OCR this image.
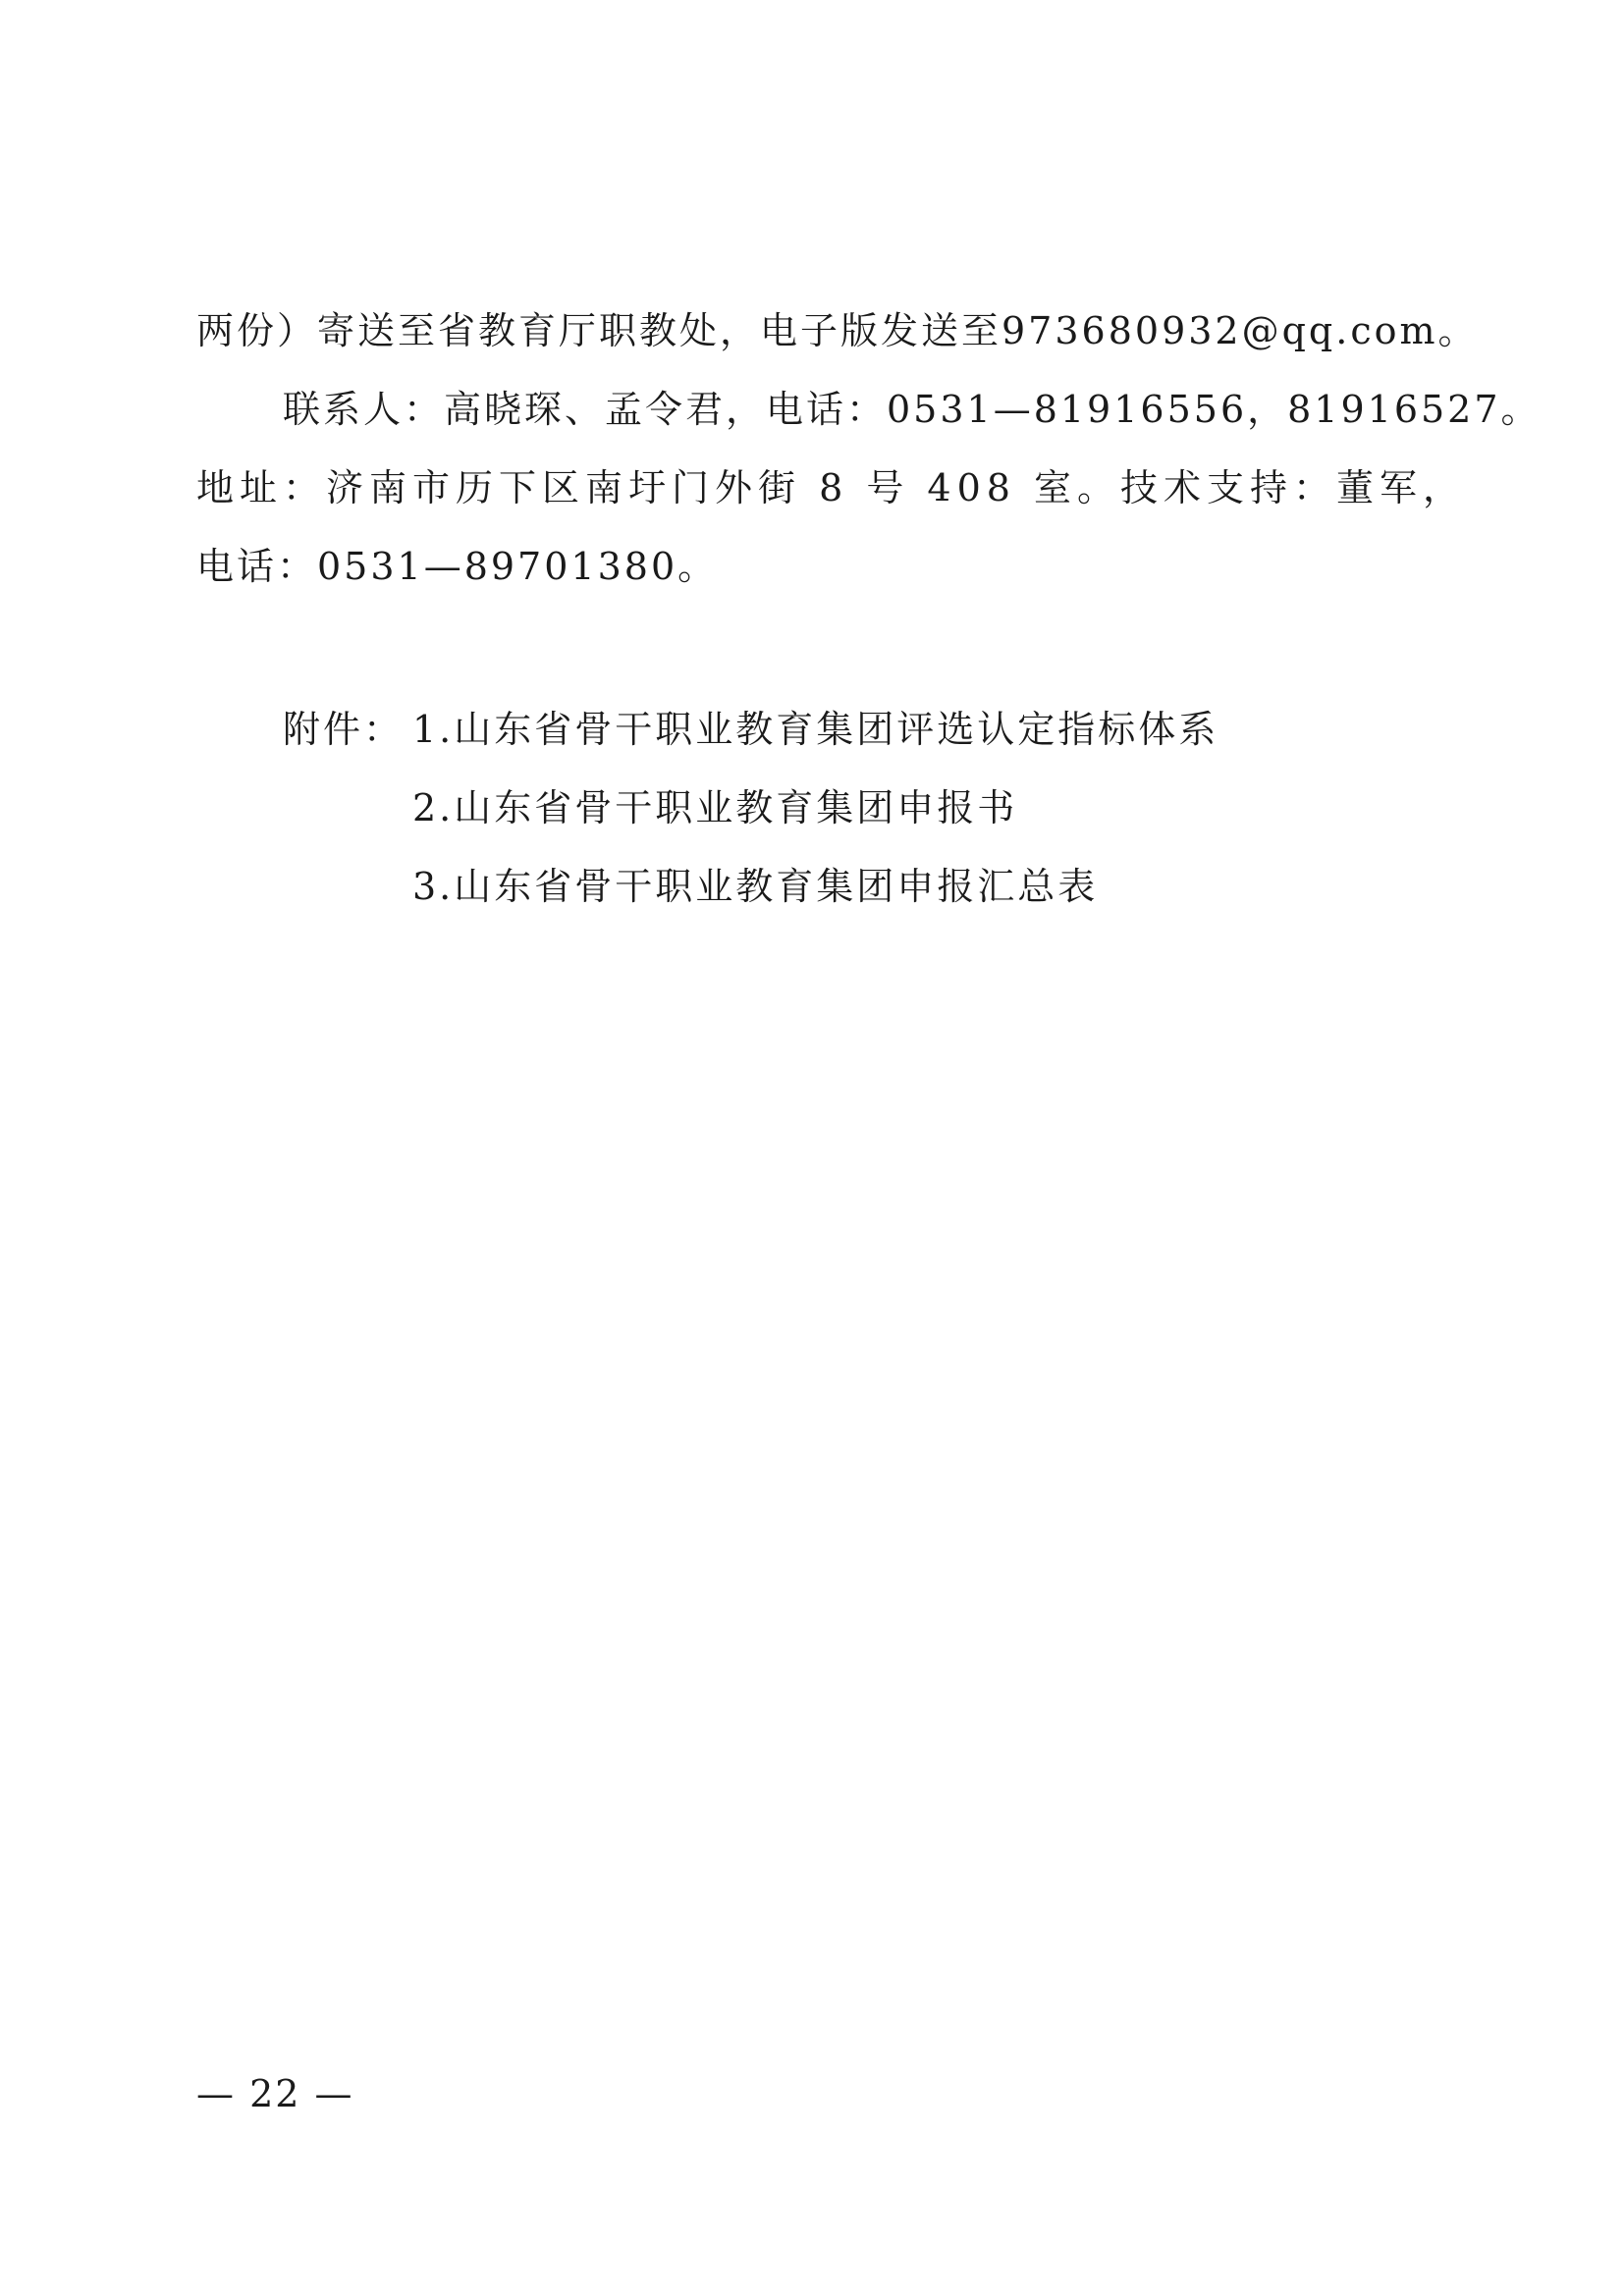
两份）寄送至省教育厅职教处，电子版发送至973680932@qq.com。
联系人：高晓琛、孟令君，电话：0531—81916556，81916527。
地址：济南市历下区南圩门外街 8 号 408 室。技术支持：董军，
电话：0531—89701380。
附件： 1.山东省骨干职业教育集团评选认定指标体系
2.山东省骨干职业教育集团申报书
3.山东省骨干职业教育集团申报汇总表
— 22 —
